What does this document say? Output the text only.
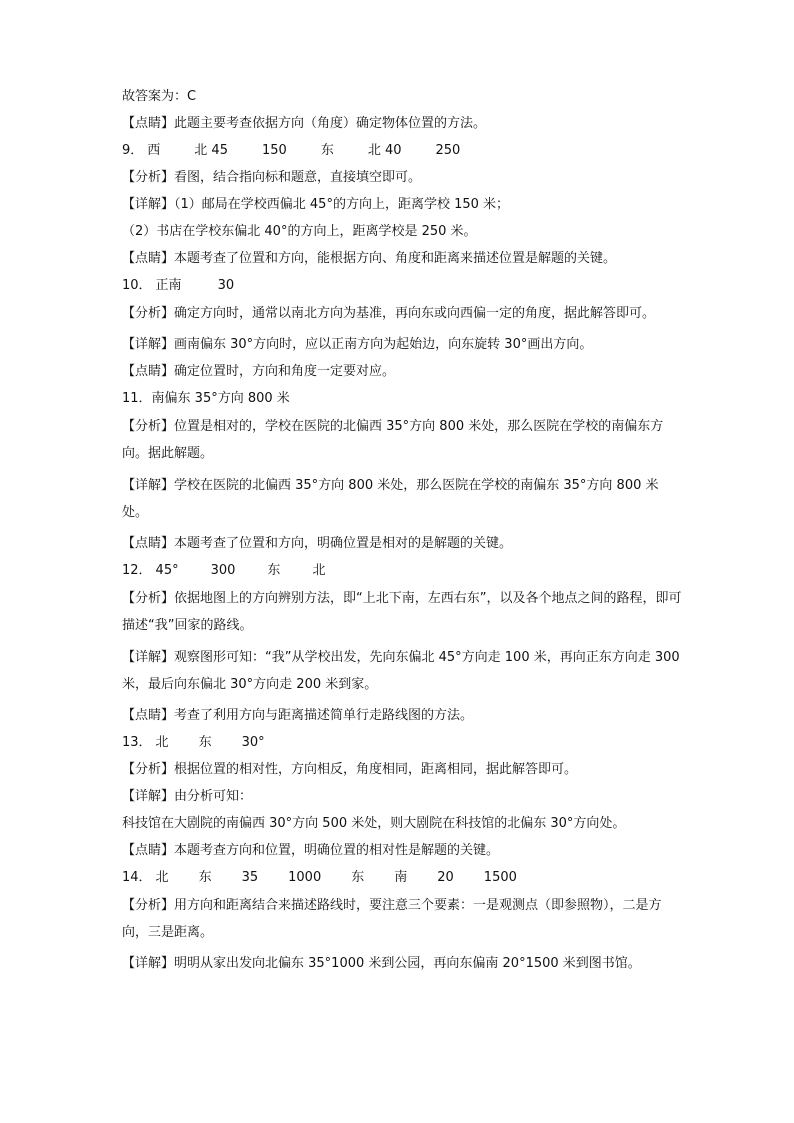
故答案为：C
【点睛】此题主要考查依据方向（角度）确定物体位置的方法。
9． 西	北 45	150	东	北 40	250
【分析】看图，结合指向标和题意，直接填空即可。
【详解】（1）邮局在学校西偏北 45°的方向上，距离学校 150 米；
（2）书店在学校东偏北 40°的方向上，距离学校是 250 米。
【点睛】本题考查了位置和方向，能根据方向、角度和距离来描述位置是解题的关键。
10． 正南	30
【分析】确定方向时，通常以南北方向为基准，再向东或向西偏一定的角度，据此解答即可。
【详解】画南偏东 30°方向时，应以正南方向为起始边，向东旋转 30°画出方向。
【点睛】确定位置时，方向和角度一定要对应。
11．南偏东 35°方向 800 米
【分析】位置是相对的，学校在医院的北偏西 35°方向 800 米处，那么医院在学校的南偏东方向。据此解题。
【详解】学校在医院的北偏西 35°方向 800 米处，那么医院在学校的南偏东 35°方向 800 米处。
【点睛】本题考查了位置和方向，明确位置是相对的是解题的关键。
12． 45° 300 东 北
【分析】依据地图上的方向辨别方法，即“上北下南，左西右东”，以及各个地点之间的路程，即可描述“我”回家的路线。
【详解】观察图形可知：“我”从学校出发，先向东偏北 45°方向走 100 米，再向正东方向走 300 米，最后向东偏北 30°方向走 200 米到家。
【点睛】考查了利用方向与距离描述简单行走路线图的方法。
13． 北 东 30°
【分析】根据位置的相对性，方向相反，角度相同，距离相同，据此解答即可。
【详解】由分析可知：
科技馆在大剧院的南偏西 30°方向 500 米处，则大剧院在科技馆的北偏东 30°方向处。
【点睛】本题考查方向和位置，明确位置的相对性是解题的关键。
14． 北 东 35 1000 东 南 20 1500
【分析】用方向和距离结合来描述路线时，要注意三个要素：一是观测点（即参照物），二是方向，三是距离。
【详解】明明从家出发向北偏东 35°1000 米到公园，再向东偏南 20°1500 米到图书馆。
